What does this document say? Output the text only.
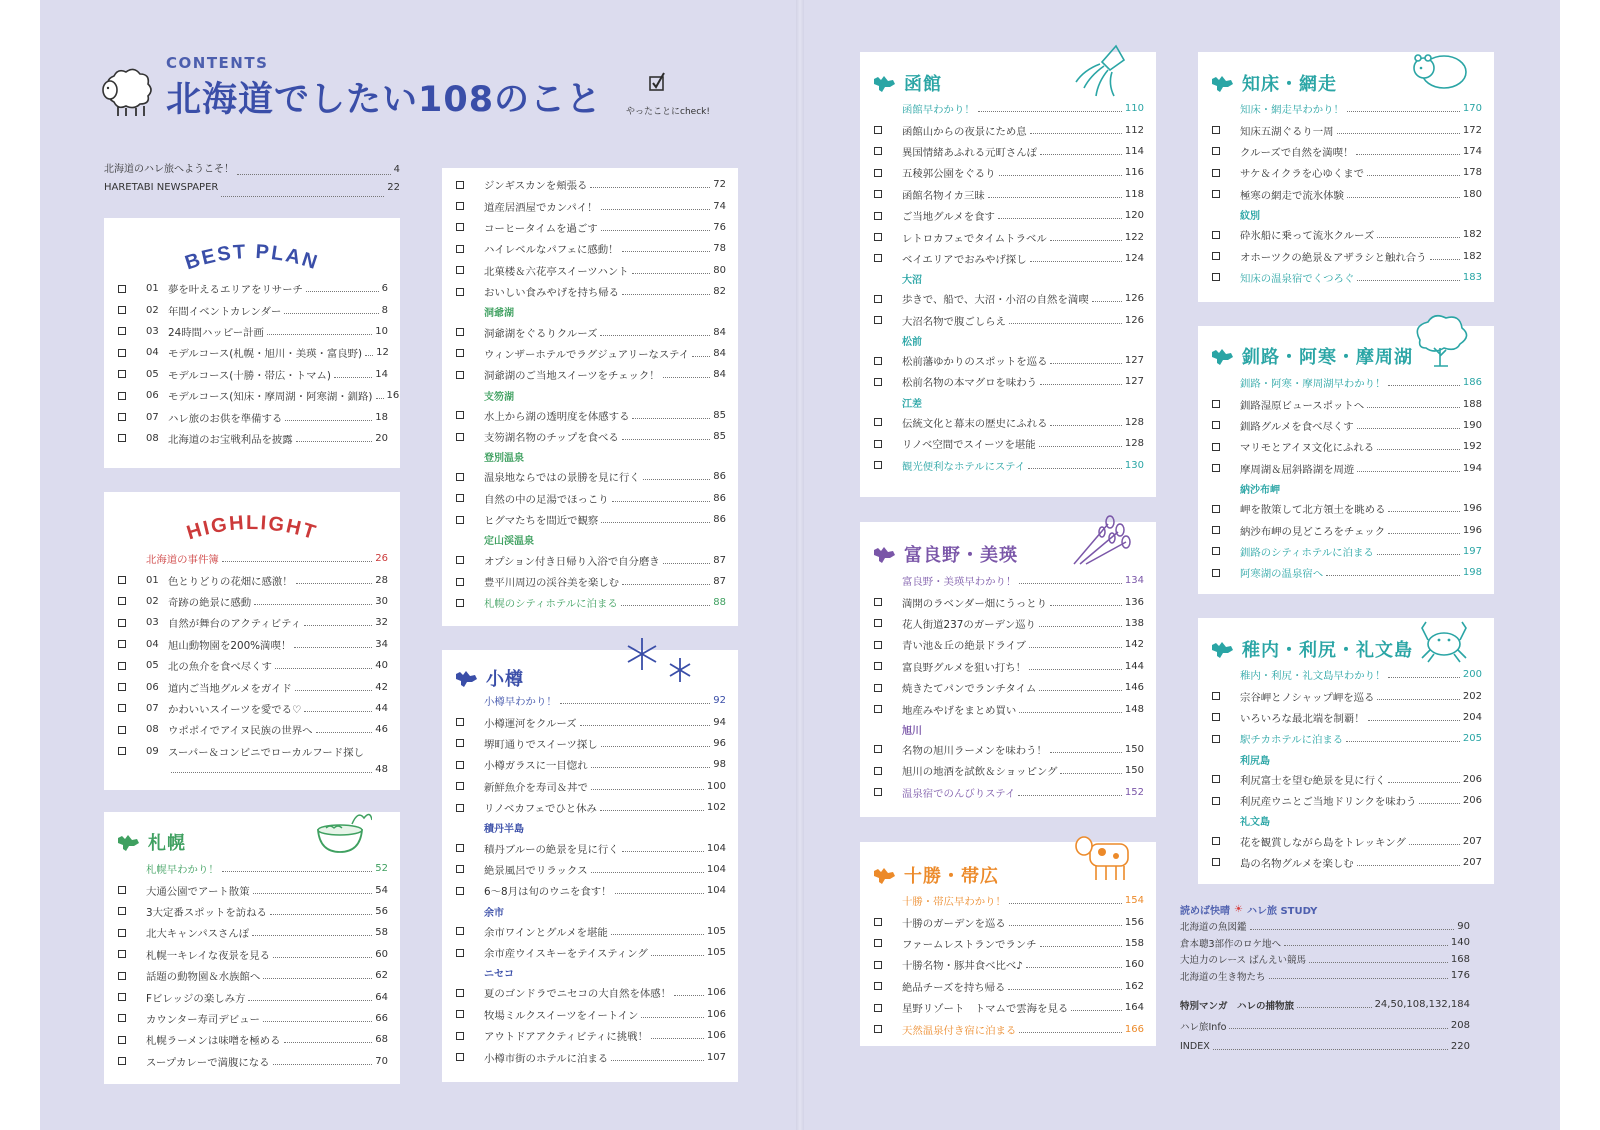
CONTENTS
北海道でしたい108のこと	やったことにcheck!
北海道のハレ旅へようこそ！	4
HARETABI NEWSPAPER	22
BEST PLAN
01 夢を叶えるエリアをリサーチ	6
02 年間イベントカレンダー	8
03 24時間ハッピー計画	10
04 モデルコース(札幌・旭川・美瑛・富良野) 12
05 モデルコース(十勝・帯広・トマム)	14
06 モデルコース(知床・摩周湖・阿寒湖・釧路) 16
07 ハレ旅のお供を準備する	18
08 北海道のお宝戦利品を披露	20
HIGHLIGHT
北海道の事件簿	26
01 色とりどりの花畑に感激！	28
02 奇跡の絶景に感動	30
03 自然が舞台のアクティビティ	32
04 旭山動物園を200%満喫！	34
05 北の魚介を食べ尽くす	40
06 道内ご当地グルメをガイド	42
07 かわいいスイーツを愛でる♡	44
08 ウポポイでアイヌ民族の世界へ	46
09 スーパー＆コンビニでローカルフード探し
48
札幌
札幌早わかり！	52
大通公園でアート散策	54
3大定番スポットを訪ねる	56
北大キャンパスさんぽ	58
札幌一キレイな夜景を見る	60
話題の動物園＆水族館へ	62
Fビレッジの楽しみ方	64
カウンター寿司デビュー	66
札幌ラーメンは味噌を極める	68
スープカレーで満腹になる	70
ジンギスカンを頬張る	72
道産居酒屋でカンパイ！	74
コーヒータイムを過ごす	76
ハイレベルなパフェに感動！	78
北菓楼＆六花亭スイーツハント	80
おいしい食みやげを持ち帰る	82
洞爺湖
洞爺湖をぐるりクルーズ	84
ウィンザーホテルでラグジュアリーなステイ 84
洞爺湖のご当地スイーツをチェック！	84
支笏湖
水上から湖の透明度を体感する	85
支笏湖名物のチップを食べる	85
登別温泉
温泉地ならではの景勝を見に行く	86
自然の中の足湯でほっこり	86
ヒグマたちを間近で観察	86
定山渓温泉
オプション付き日帰り入浴で自分磨き	87
豊平川周辺の渓谷美を楽しむ	87
札幌のシティホテルに泊まる	88
小樽
小樽早わかり！	92
小樽運河をクルーズ	94
堺町通りでスイーツ探し	96
小樽ガラスに一目惚れ	98
新鮮魚介を寿司＆丼で	100
リノベカフェでひと休み	102
積丹半島
積丹ブルーの絶景を見に行く	104
絶景風呂でリラックス	104
6〜8月は旬のウニを食す！	104
余市
余市ワインとグルメを堪能	105
余市産ウイスキーをテイスティング	105
ニセコ
夏のゴンドラでニセコの大自然を体感！	106
牧場ミルクスイーツをイートイン	106
アウトドアアクティビティに挑戦！	106
小樽市街のホテルに泊まる	107
函館
函館早わかり！	110
函館山からの夜景にため息	112
異国情緒あふれる元町さんぽ	114
五稜郭公園をぐるり	116
函館名物イカ三昧	118
ご当地グルメを食す	120
レトロカフェでタイムトラベル	122
ベイエリアでおみやげ探し	124
大沼
歩きで、船で、大沼・小沼の自然を満喫	126
大沼名物で腹ごしらえ	126
松前
松前藩ゆかりのスポットを巡る	127
松前名物の本マグロを味わう	127
江差
伝統文化と幕末の歴史にふれる	128
リノベ空間でスイーツを堪能	128
観光便利なホテルにステイ	130
富良野・美瑛
富良野・美瑛早わかり！	134
満開のラベンダー畑にうっとり	136
花人街道237のガーデン巡り	138
青い池＆丘の絶景ドライブ	142
富良野グルメを狙い打ち！	144
焼きたてパンでランチタイム	146
地産みやげをまとめ買い	148
旭川
名物の旭川ラーメンを味わう！	150
旭川の地酒を試飲＆ショッピング	150
温泉宿でのんびりステイ	152
十勝・帯広
十勝・帯広早わかり！	154
十勝のガーデンを巡る	156
ファームレストランでランチ	158
十勝名物・豚丼食べ比べ♪	160
絶品チーズを持ち帰る	162
星野リゾート　トマムで雲海を見る	164
天然温泉付き宿に泊まる	166
知床・網走
知床・網走早わかり！	170
知床五湖ぐるり一周	172
クルーズで自然を満喫！	174
サケ＆イクラを心ゆくまで	178
極寒の網走で流氷体験	180
紋別
砕氷船に乗って流氷クルーズ	182
オホーツクの絶景＆アザラシと触れ合う	182
知床の温泉宿でくつろぐ	183
釧路・阿寒・摩周湖
釧路・阿寒・摩周湖早わかり！	186
釧路湿原ビュースポットへ	188
釧路グルメを食べ尽くす	190
マリモとアイヌ文化にふれる	192
摩周湖＆屈斜路湖を周遊	194
納沙布岬
岬を散策して北方領土を眺める	196
納沙布岬の見どころをチェック	196
釧路のシティホテルに泊まる	197
阿寒湖の温泉宿へ	198
稚内・利尻・礼文島
稚内・利尻・礼文島早わかり！	200
宗谷岬とノシャップ岬を巡る	202
いろいろな最北端を制覇！	204
駅チカホテルに泊まる	205
利尻島
利尻富士を望む絶景を見に行く	206
利尻産ウニとご当地ドリンクを味わう	206
礼文島
花を観賞しながら島をトレッキング	207
島の名物グルメを楽しむ	207
読めば快晴 ☀ ハレ旅 STUDY
北海道の魚図鑑	90
倉本聰3部作のロケ地へ	140
大迫力のレース ばんえい競馬	168
北海道の生き物たち	176
特別マンガ　ハレの捕物旅	24,50,108,132,184
ハレ旅Info	208
INDEX	220
